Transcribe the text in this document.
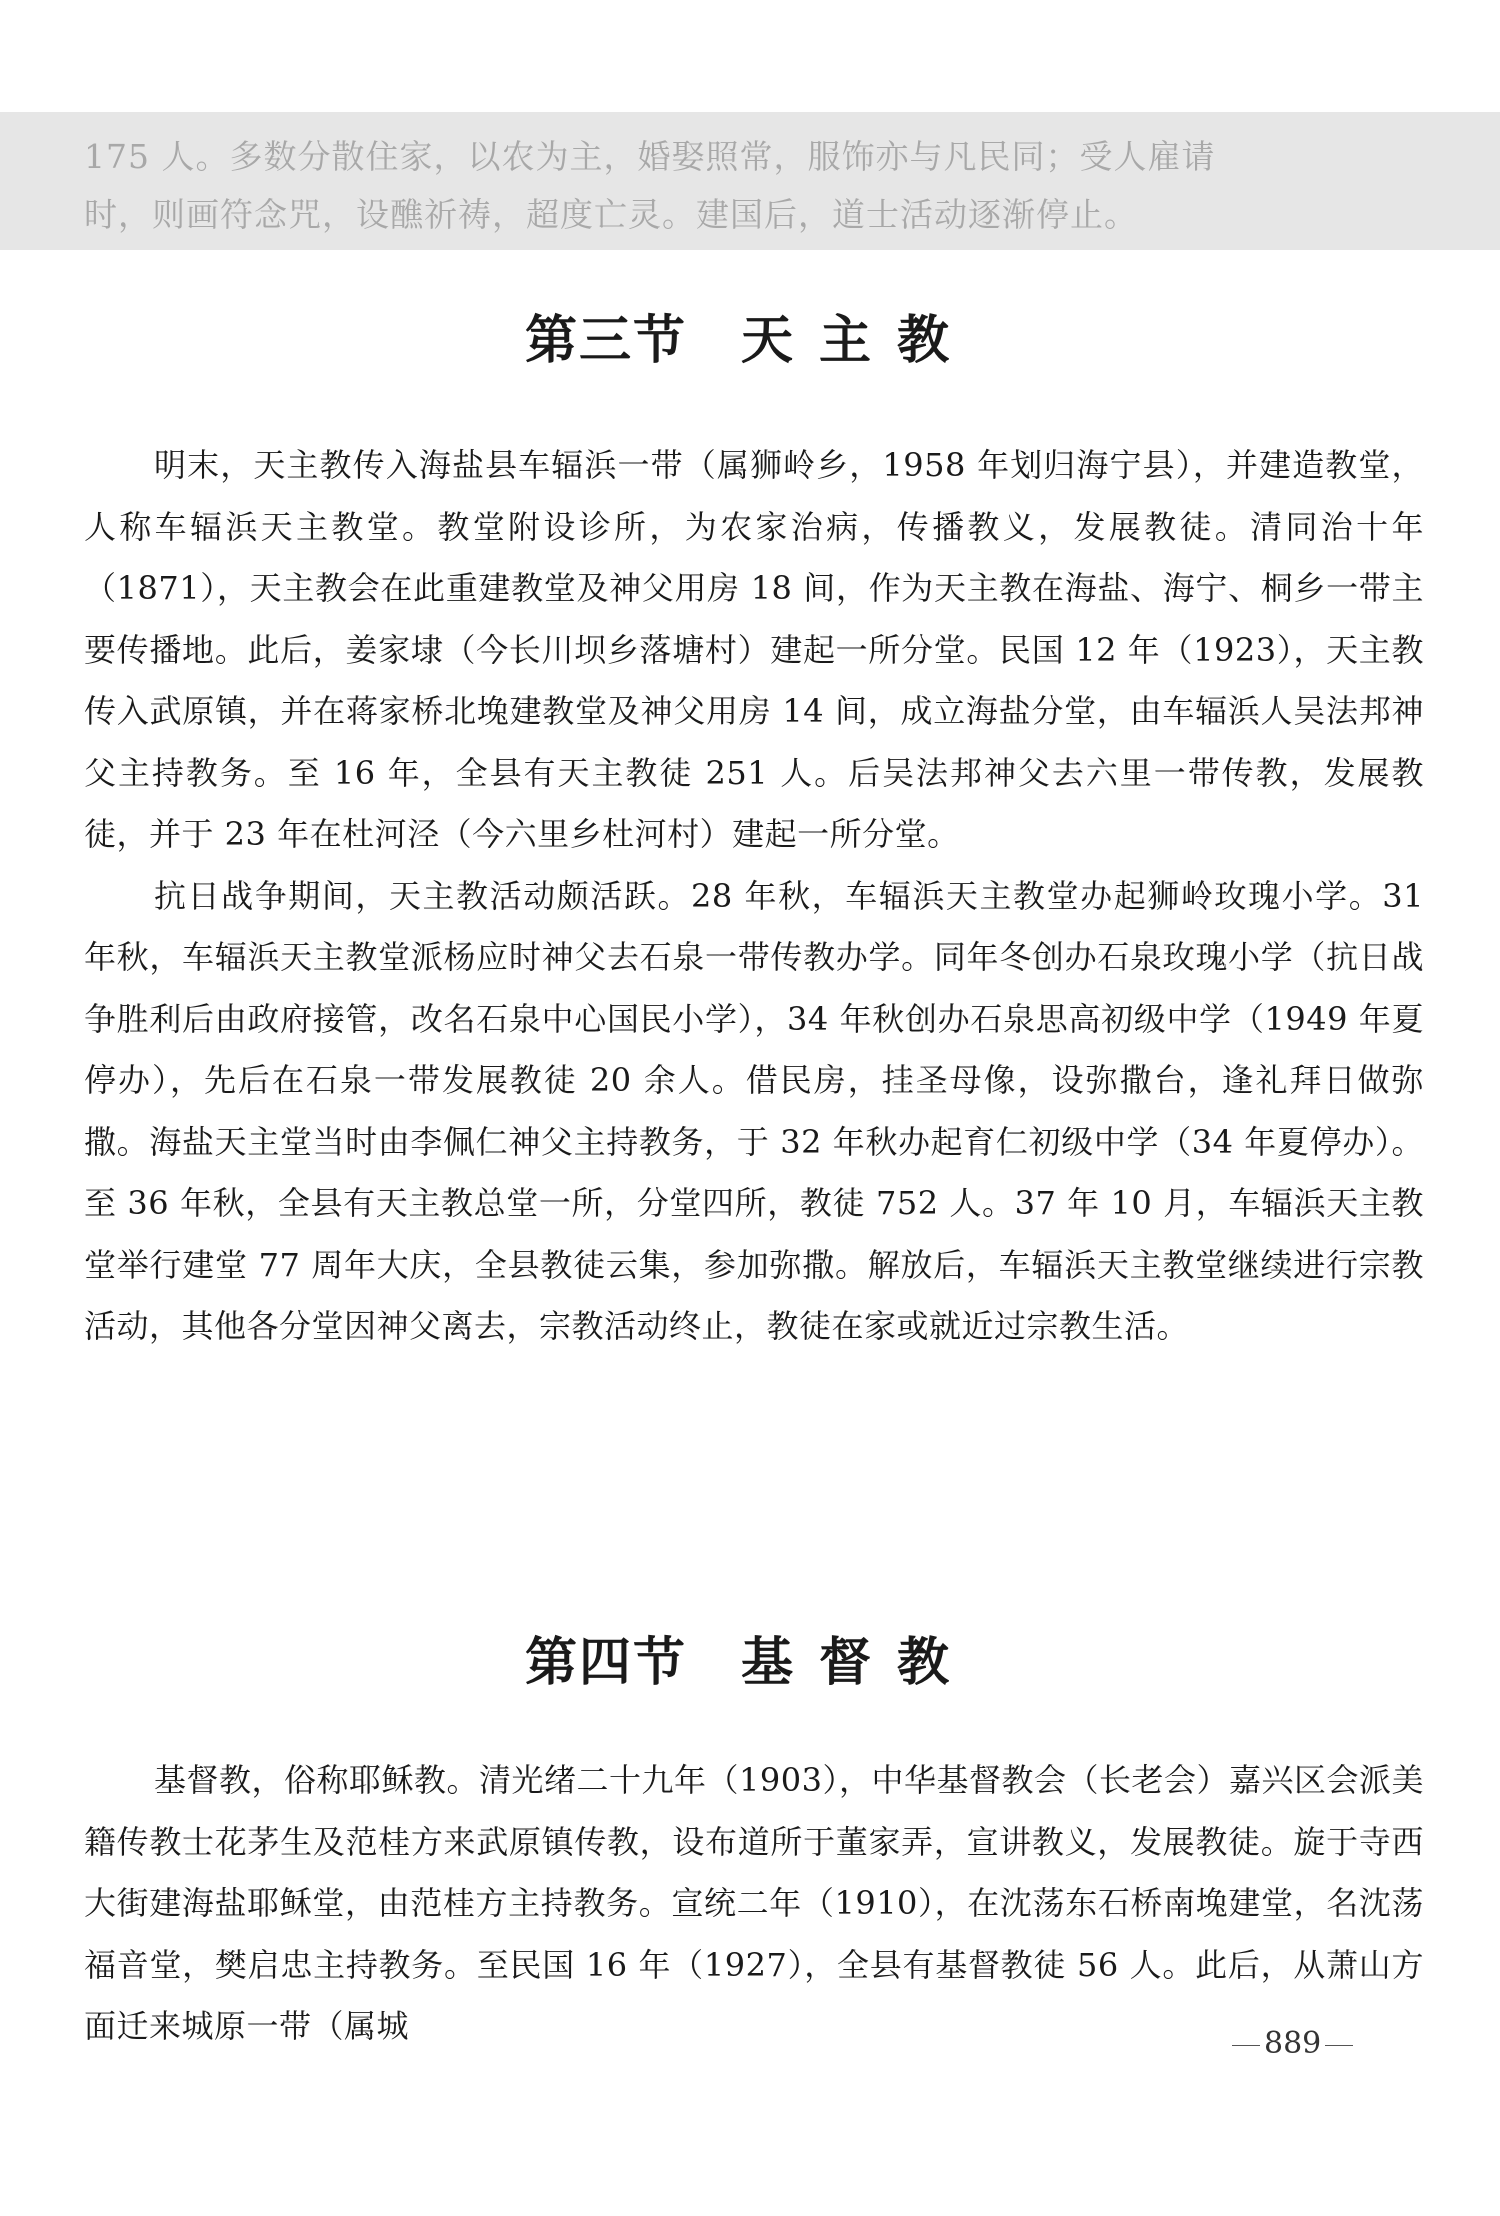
175 人。多数分散住家，以农为主，婚娶照常，服饰亦与凡民同；受人雇请

时，则画符念咒，设醮祈祷，超度亡灵。建国后，道士活动逐渐停止。

第三节 天主教

明末，天主教传入海盐县车辐浜一带（属狮岭乡，1958 年划归海宁县），并建造教堂，人称车辐浜天主教堂。教堂附设诊所，为农家治病，传播教义，发展教徒。清同治十年（1871），天主教会在此重建教堂及神父用房 18 间，作为天主教在海盐、海宁、桐乡一带主要传播地。此后，姜家埭（今长川坝乡落塘村）建起一所分堂。民国 12 年（1923），天主教传入武原镇，并在蒋家桥北堍建教堂及神父用房 14 间，成立海盐分堂，由车辐浜人吴法邦神父主持教务。至 16 年，全县有天主教徒 251 人。后吴法邦神父去六里一带传教，发展教徒，并于 23 年在杜河泾（今六里乡杜河村）建起一所分堂。

抗日战争期间，天主教活动颇活跃。28 年秋，车辐浜天主教堂办起狮岭玫瑰小学。31 年秋，车辐浜天主教堂派杨应时神父去石泉一带传教办学。同年冬创办石泉玫瑰小学（抗日战争胜利后由政府接管，改名石泉中心国民小学），34 年秋创办石泉思高初级中学（1949 年夏停办），先后在石泉一带发展教徒 20 余人。借民房，挂圣母像，设弥撒台，逢礼拜日做弥撒。海盐天主堂当时由李佩仁神父主持教务，于 32 年秋办起育仁初级中学（34 年夏停办）。至 36 年秋，全县有天主教总堂一所，分堂四所，教徒 752 人。37 年 10 月，车辐浜天主教堂举行建堂 77 周年大庆，全县教徒云集，参加弥撒。解放后，车辐浜天主教堂继续进行宗教活动，其他各分堂因神父离去，宗教活动终止，教徒在家或就近过宗教生活。

第四节 基督教

基督教，俗称耶稣教。清光绪二十九年（1903），中华基督教会（长老会）嘉兴区会派美籍传教士花茅生及范桂方来武原镇传教，设布道所于董家弄，宣讲教义，发展教徒。旋于寺西大街建海盐耶稣堂，由范桂方主持教务。宣统二年（1910），在沈荡东石桥南堍建堂，名沈荡福音堂，樊启忠主持教务。至民国 16 年（1927），全县有基督教徒 56 人。此后，从萧山方面迁来城原一带（属城	889
